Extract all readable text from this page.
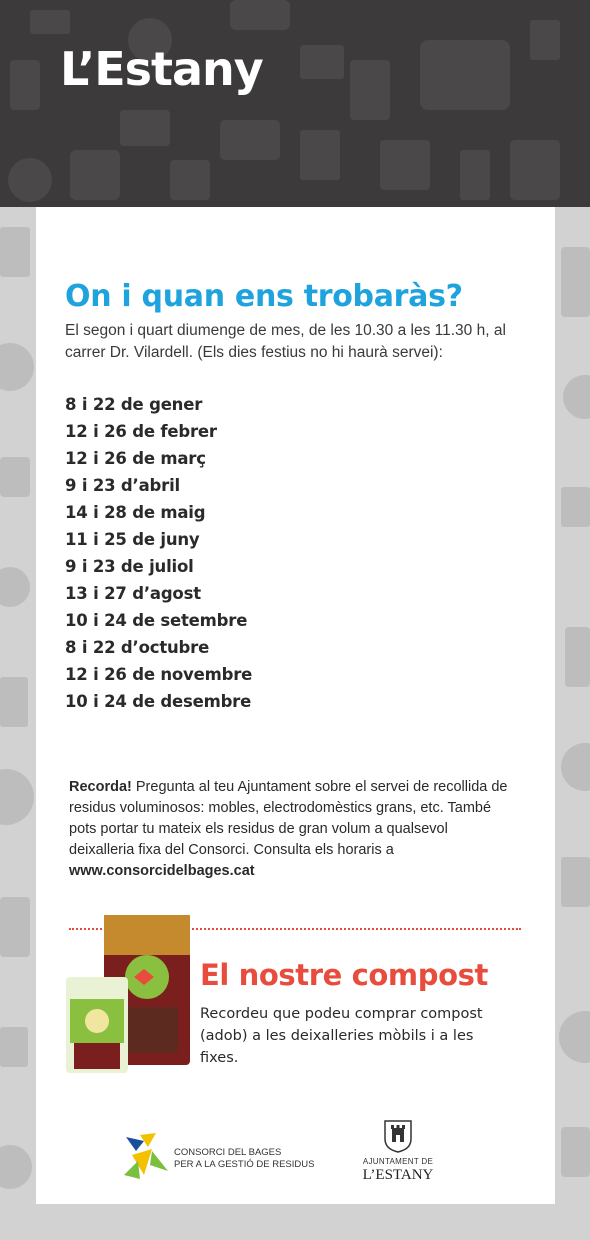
L’Estany
On i quan ens trobaràs?
El segon i quart diumenge de mes, de les 10.30 a les 11.30 h, al carrer Dr. Vilardell. (Els dies festius no hi haurà servei):
8 i 22 de gener
12 i 26 de febrer
12 i 26 de març
9 i 23 d’abril
14 i 28 de maig
11 i 25 de juny
9 i 23 de juliol
13 i 27 d’agost
10 i 24 de setembre
8 i 22 d’octubre
12 i 26 de novembre
10 i 24 de desembre
Recorda! Pregunta al teu Ajuntament sobre el servei de recollida de residus voluminosos: mobles, electrodomèstics grans, etc. També pots portar tu mateix els residus de gran volum a qualsevol deixalleria fixa del Consorci. Consulta els horaris a www.consorcidelbages.cat
El nostre compost
Recordeu que podeu comprar compost (adob) a les deixalleries mòbils i a les fixes.
CONSORCI DEL BAGES
PER A LA GESTIÓ DE RESIDUS	AJUNTAMENT DE
L’ESTANY
